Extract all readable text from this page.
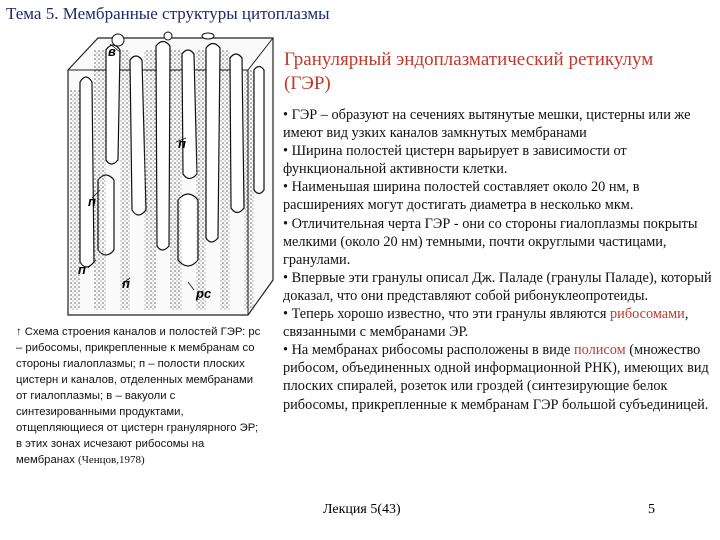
Тема 5. Мембранные структуры цитоплазмы
в
п
п
п
п
рс
↑ Схема строения каналов и полостей ГЭР: рс – рибосомы, прикрепленные к мембранам со стороны гиалоплазмы; п – полости плоских цистерн и каналов, отделенных мембранами от гиалоплазмы; в – вакуоли с синтезированными продуктами, отщепляющиеся от цистерн гранулярного ЭР; в этих зонах исчезают рибосомы на мембранах (Ченцов,1978)
Гранулярный эндоплазматический ретикулум
(ГЭР)

• ГЭР – образуют на сечениях вытянутые мешки, цистерны или же имеют вид узких каналов замкнутых мембранами

• Ширина полостей цистерн варьирует в зависимости от функциональной активности клетки.

• Наименьшая ширина полостей составляет около 20 нм, в расширениях могут достигать диаметра в несколько мкм.

• Отличительная черта ГЭР - они со стороны гиалоплазмы покрыты мелкими (около 20 нм) темными, почти округлыми частицами, гранулами.

• Впервые эти гранулы описал Дж. Паладе (гранулы Паладе), который доказал, что они представляют собой рибонуклеопротеиды.

• Теперь хорошо известно, что эти гранулы являются рибосомами, связанными с мембранами ЭР.

• На мембранах рибосомы расположены в виде полисом (множество рибосом, объединенных одной информационной РНК), имеющих вид плоских спиралей, розеток или гроздей (синтезирующие белок рибосомы, прикрепленные к мембранам ГЭР большой субъединицей.

Лекция 5(43)	5
